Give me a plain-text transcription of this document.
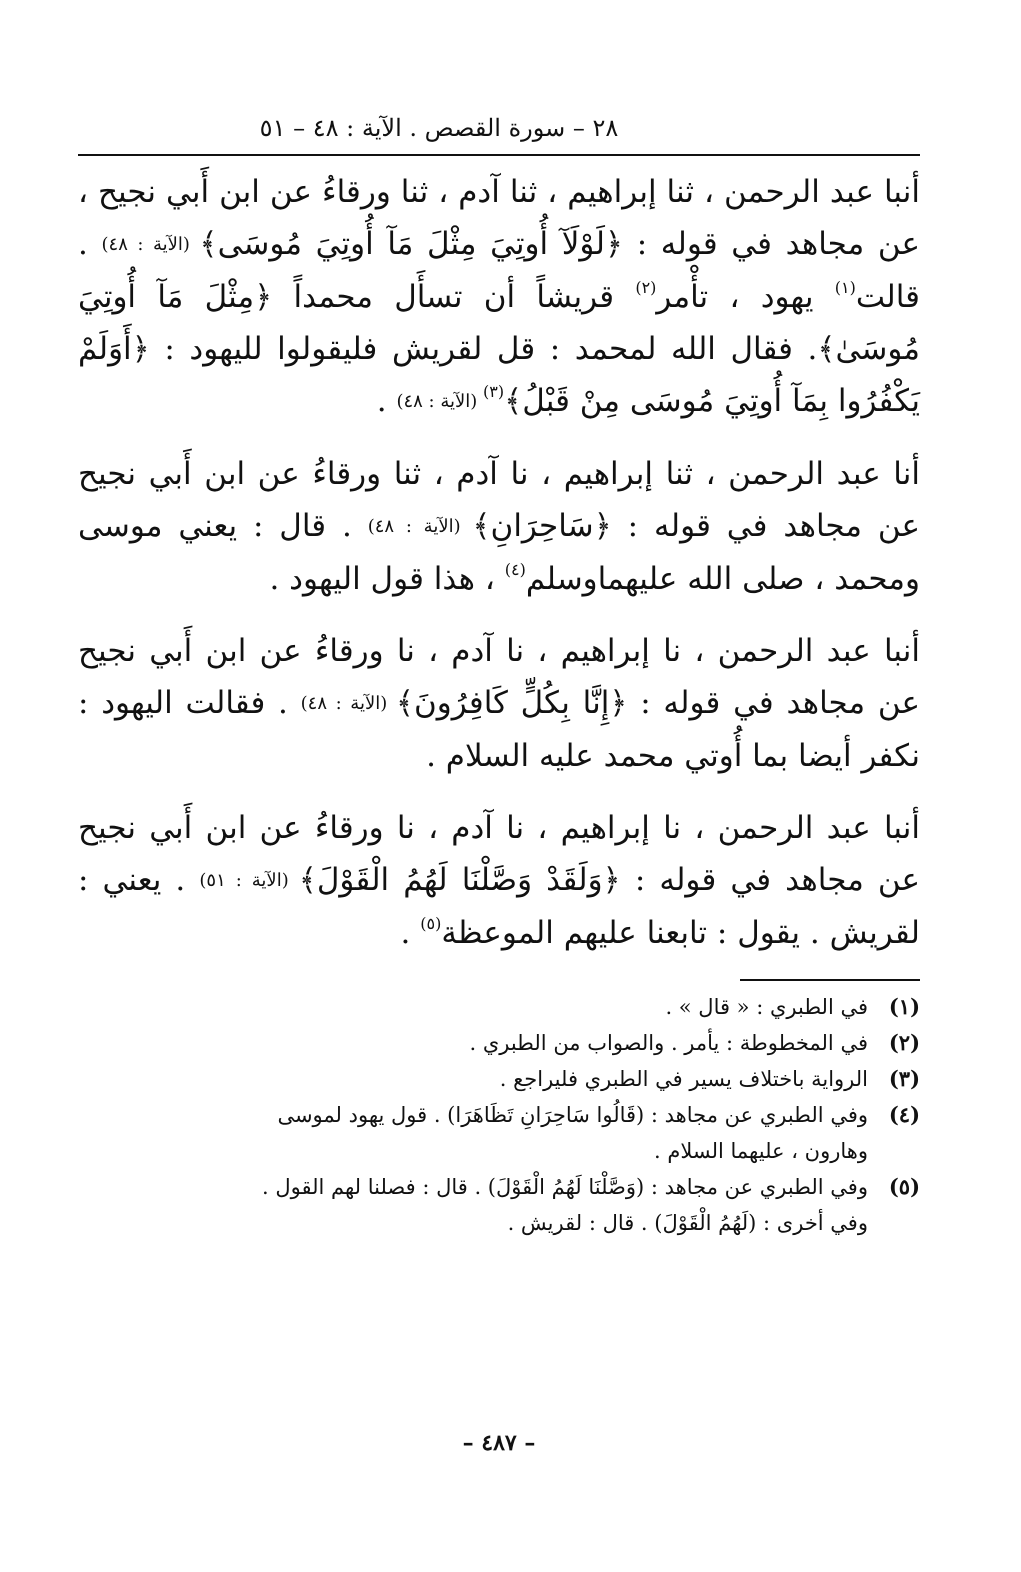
٢٨ – سورة القصص . الآية : ٤٨ – ٥١

أنبا عبد الرحمن ، ثنا إبراهيم ، ثنا آدم ، ثنا ورقاءُ عن ابن أَبي نجيح ، عن مجاهد في قوله : ﴿لَوْلَآ أُوتِيَ مِثْلَ مَآ أُوتِيَ مُوسَى﴾ (الآية : ٤٨) . قالت$^{(١)}$ يهود ، تأْمر$^{(٢)}$ قريشاً أن تسأَل محمداً ﴿مِثْلَ مَآ أُوتِيَ مُوسَىٰ﴾. فقال الله لمحمد : قل لقريش فليقولوا لليهود : ﴿أَوَلَمْ يَكْفُرُوا بِمَآ أُوتِيَ مُوسَى مِنْ قَبْلُ﴾$^{(٣)}$ (الآية : ٤٨) .

أنا عبد الرحمن ، ثنا إبراهيم ، نا آدم ، ثنا ورقاءُ عن ابن أَبي نجيح عن مجاهد في قوله : ﴿سَاحِرَانِ﴾ (الآية : ٤٨) . قال : يعني موسى ومحمد ، صلى الله عليهماوسلم$^{(٤)}$ ، هذا قول اليهود .

أنبا عبد الرحمن ، نا إبراهيم ، نا آدم ، نا ورقاءُ عن ابن أَبي نجيح عن مجاهد في قوله : ﴿إِنَّا بِكُلٍّ كَافِرُونَ﴾ (الآية : ٤٨) . فقالت اليهود : نكفر أيضا بما أُوتي محمد عليه السلام .

أنبا عبد الرحمن ، نا إبراهيم ، نا آدم ، نا ورقاءُ عن ابن أَبي نجيح عن مجاهد في قوله : ﴿وَلَقَدْ وَصَّلْنَا لَهُمُ الْقَوْلَ﴾ (الآية : ٥١) . يعني : لقريش . يقول : تابعنا عليهم الموعظة$^{(٥)}$ .

(١)في الطبري : « قال » .
(٢)في المخطوطة : يأمر . والصواب من الطبري .
(٣)الرواية باختلاف يسير في الطبري فليراجع .
(٤)وفي الطبري عن مجاهد : (قَالُوا سَاحِرَانِ تَظَاهَرَا) . قول يهود لموسى
وهارون ، عليهما السلام .
(٥)وفي الطبري عن مجاهد : (وَصَّلْنَا لَهُمُ الْقَوْلَ) . قال : فصلنا لهم القول .
وفي أخرى : (لَهُمُ الْقَوْلَ) . قال : لقريش .
– ٤٨٧ –
